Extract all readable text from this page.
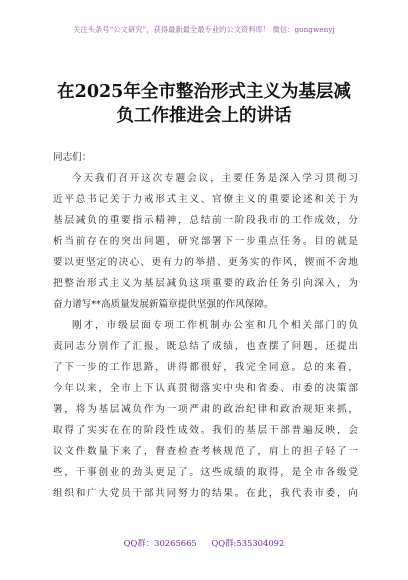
关注头条号“公文研究”，获得最新最全最专业的公文资料库！ 微信：gongwenyj
在2025年全市整治形式主义为基层减
负工作推进会上的讲话
同志们：
今天我们召开这次专题会议，主要任务是深入学习贯彻习
近平总书记关于力戒形式主义、官僚主义的重要论述和关于为
基层减负的重要指示精神，总结前一阶段我市的工作成效，分
析当前存在的突出问题，研究部署下一步重点任务。目的就是
要以更坚定的决心、更有力的举措、更务实的作风，锲而不舍地
把整治形式主义为基层减负这项重要的政治任务引向深入，为
奋力谱写**高质量发展新篇章提供坚强的作风保障。
刚才，市级层面专项工作机制办公室和几个相关部门的负
责同志分别作了汇报，既总结了成绩，也查摆了问题，还提出
了下一步的工作思路，讲得都很好，我完全同意。总的来看，
今年以来，全市上下认真贯彻落实中央和省委、市委的决策部
署，将为基层减负作为一项严肃的政治纪律和政治规矩来抓，
取得了实实在在的阶段性成效。我们的基层干部普遍反映，会
议文件数量下来了，督查检查考核规范了，肩上的担子轻了一
些，干事创业的劲头更足了。这些成绩的取得，是全市各级党
组织和广大党员干部共同努力的结果。在此，我代表市委，向
QQ群：30265665 QQ群:535304092
